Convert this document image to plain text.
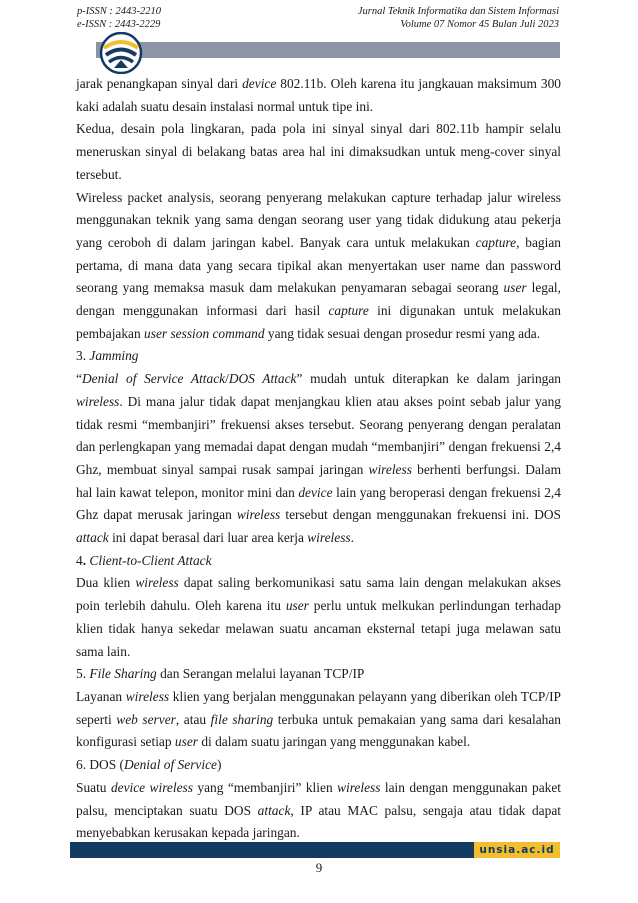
p-ISSN : 2443-2210
e-ISSN : 2443-2229
Jurnal Teknik Informatika dan Sistem Informasi
Volume 07 Nomor 45 Bulan Juli 2023

jarak penangkapan sinyal dari device 802.11b. Oleh karena itu jangkauan maksimum 300 kaki adalah suatu desain instalasi normal untuk tipe ini.

Kedua, desain pola lingkaran, pada pola ini sinyal sinyal dari 802.11b hampir selalu meneruskan sinyal di belakang batas area hal ini dimaksudkan untuk meng-cover sinyal tersebut.

Wireless packet analysis, seorang penyerang melakukan capture terhadap jalur wireless menggunakan teknik yang sama dengan seorang user yang tidak didukung atau pekerja yang ceroboh di dalam jaringan kabel. Banyak cara untuk melakukan capture, bagian pertama, di mana data yang secara tipikal akan menyertakan user name dan password seorang yang memaksa masuk dam melakukan penyamaran sebagai seorang user legal, dengan menggunakan informasi dari hasil capture ini digunakan untuk melakukan pembajakan user session command yang tidak sesuai dengan prosedur resmi yang ada.

3. Jamming

“Denial of Service Attack/DOS Attack” mudah untuk diterapkan ke dalam jaringan wireless. Di mana jalur tidak dapat menjangkau klien atau akses point sebab jalur yang tidak resmi “membanjiri” frekuensi akses tersebut. Seorang penyerang dengan peralatan dan perlengkapan yang memadai dapat dengan mudah “membanjiri” dengan frekuensi 2,4 Ghz, membuat sinyal sampai rusak sampai jaringan wireless berhenti berfungsi. Dalam hal lain kawat telepon, monitor mini dan device lain yang beroperasi dengan frekuensi 2,4 Ghz dapat merusak jaringan wireless tersebut dengan menggunakan frekuensi ini. DOS attack ini dapat berasal dari luar area kerja wireless.

4. Client-to-Client Attack

Dua klien wireless dapat saling berkomunikasi satu sama lain dengan melakukan akses poin terlebih dahulu. Oleh karena itu user perlu untuk melkukan perlindungan terhadap klien tidak hanya sekedar melawan suatu ancaman eksternal tetapi juga melawan satu sama lain.

5. File Sharing dan Serangan melalui layanan TCP/IP

Layanan wireless klien yang berjalan menggunakan pelayann yang diberikan oleh TCP/IP seperti web server, atau file sharing terbuka untuk pemakaian yang sama dari kesalahan konfigurasi setiap user di dalam suatu jaringan yang menggunakan kabel.

6. DOS (Denial of Service)

Suatu device wireless yang “membanjiri” klien wireless lain dengan menggunakan paket palsu, menciptakan suatu DOS attack, IP atau MAC palsu, sengaja atau tidak dapat menyebabkan kerusakan kepada jaringan.

unsia.ac.id
9
